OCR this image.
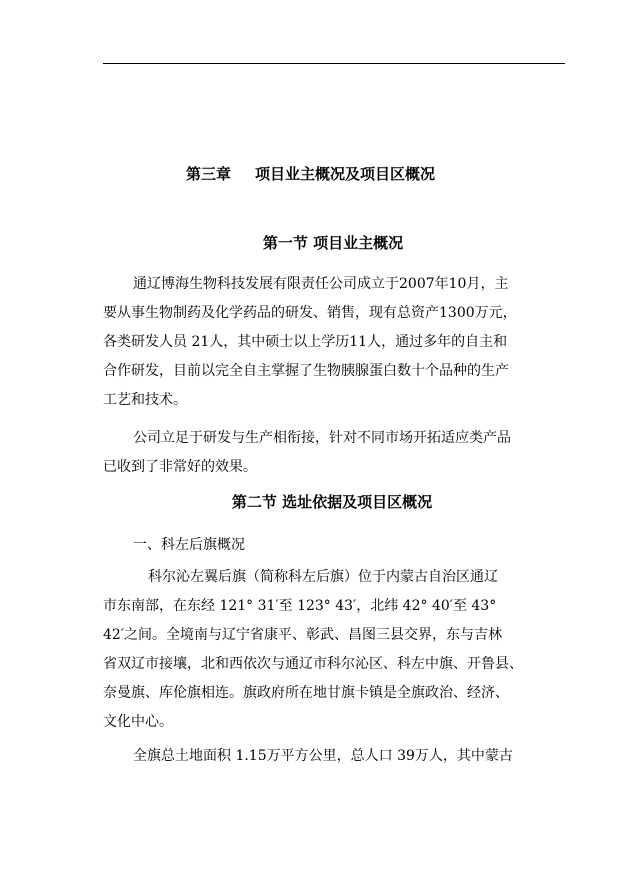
第三章 项目业主概况及项目区概况
第一节 项目业主概况
通辽博海生物科技发展有限责任公司成立于2007年10月，主
要从事生物制药及化学药品的研发、销售，现有总资产1300万元，
各类研发人员 21人，其中硕士以上学历11人，通过多年的自主和
合作研发，目前以完全自主掌握了生物胰腺蛋白数十个品种的生产
工艺和技术。
公司立足于研发与生产相衔接，针对不同市场开拓适应类产品
已收到了非常好的效果。
第二节 选址依据及项目区概况
一、科左后旗概况
科尔沁左翼后旗（简称科左后旗）位于内蒙古自治区通辽
市东南部，在东经 121° 31′至 123° 43′，北纬 42° 40′至 43°
42′之间。全境南与辽宁省康平、彰武、昌图三县交界，东与吉林
省双辽市接壤，北和西依次与通辽市科尔沁区、科左中旗、开鲁县、
奈曼旗、库伦旗相连。旗政府所在地甘旗卡镇是全旗政治、经济、
文化中心。
全旗总土地面积 1.15万平方公里，总人口 39万人，其中蒙古
